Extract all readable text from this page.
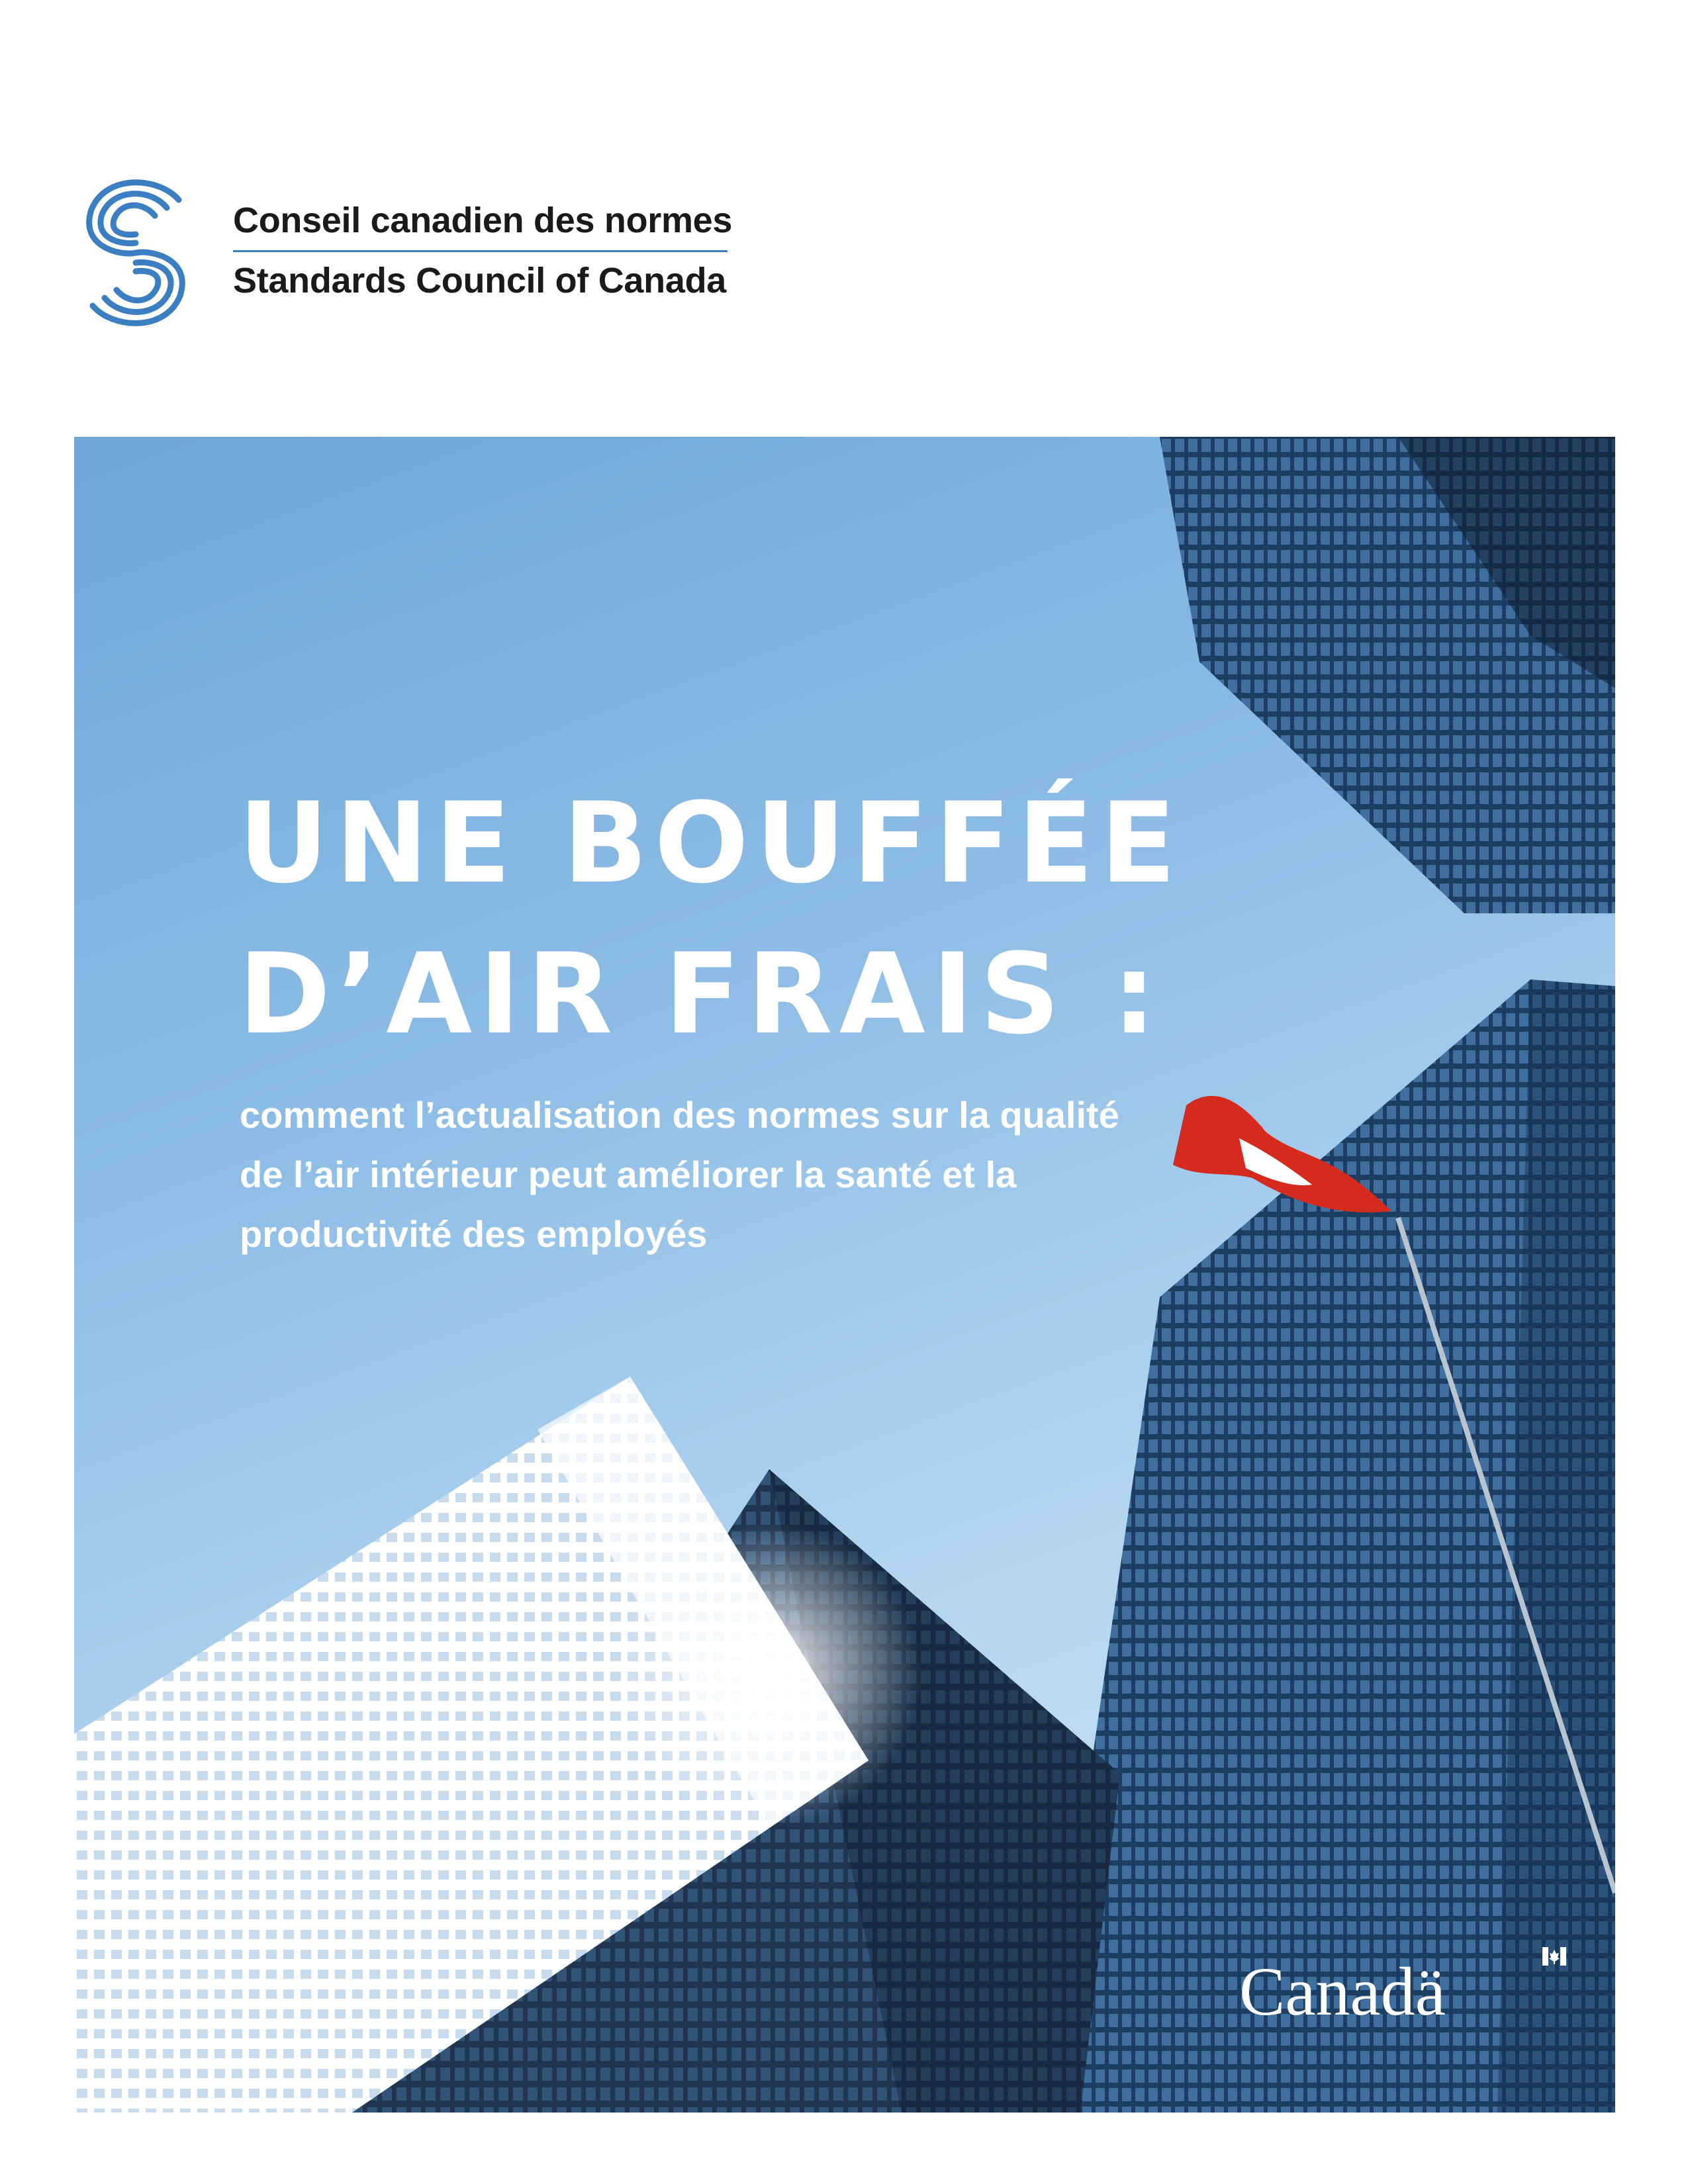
Conseil canadien des normes
Standards Council of Canada
UNE BOUFFÉE
D’AIR FRAIS :
comment l’actualisation des normes sur la qualité
de l’air intérieur peut améliorer la santé et la
productivité des employés
Canadä
